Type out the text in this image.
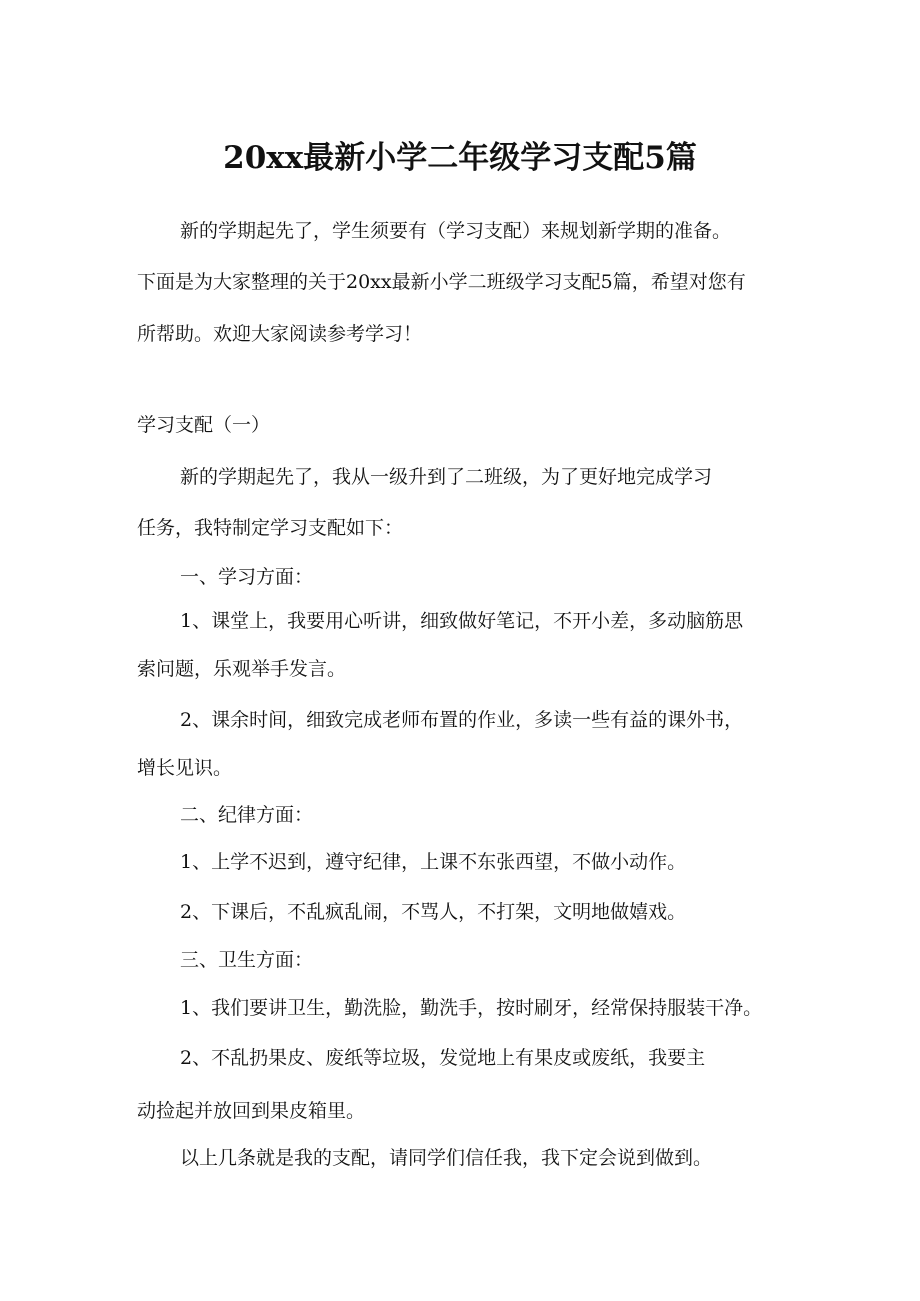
20xx最新小学二年级学习支配5篇
新的学期起先了，学生须要有（学习支配）来规划新学期的准备。
下面是为大家整理的关于20xx最新小学二班级学习支配5篇，希望对您有
所帮助。欢迎大家阅读参考学习！
学习支配（一）
新的学期起先了，我从一级升到了二班级，为了更好地完成学习
任务，我特制定学习支配如下：
一、学习方面：
1、课堂上，我要用心听讲，细致做好笔记，不开小差，多动脑筋思
索问题，乐观举手发言。
2、课余时间，细致完成老师布置的作业，多读一些有益的课外书，
增长见识。
二、纪律方面：
1、上学不迟到，遵守纪律，上课不东张西望，不做小动作。
2、下课后，不乱疯乱闹，不骂人，不打架，文明地做嬉戏。
三、卫生方面：
1、我们要讲卫生，勤洗脸，勤洗手，按时刷牙，经常保持服装干净。
2、不乱扔果皮、废纸等垃圾，发觉地上有果皮或废纸，我要主
动捡起并放回到果皮箱里。
以上几条就是我的支配，请同学们信任我，我下定会说到做到。
